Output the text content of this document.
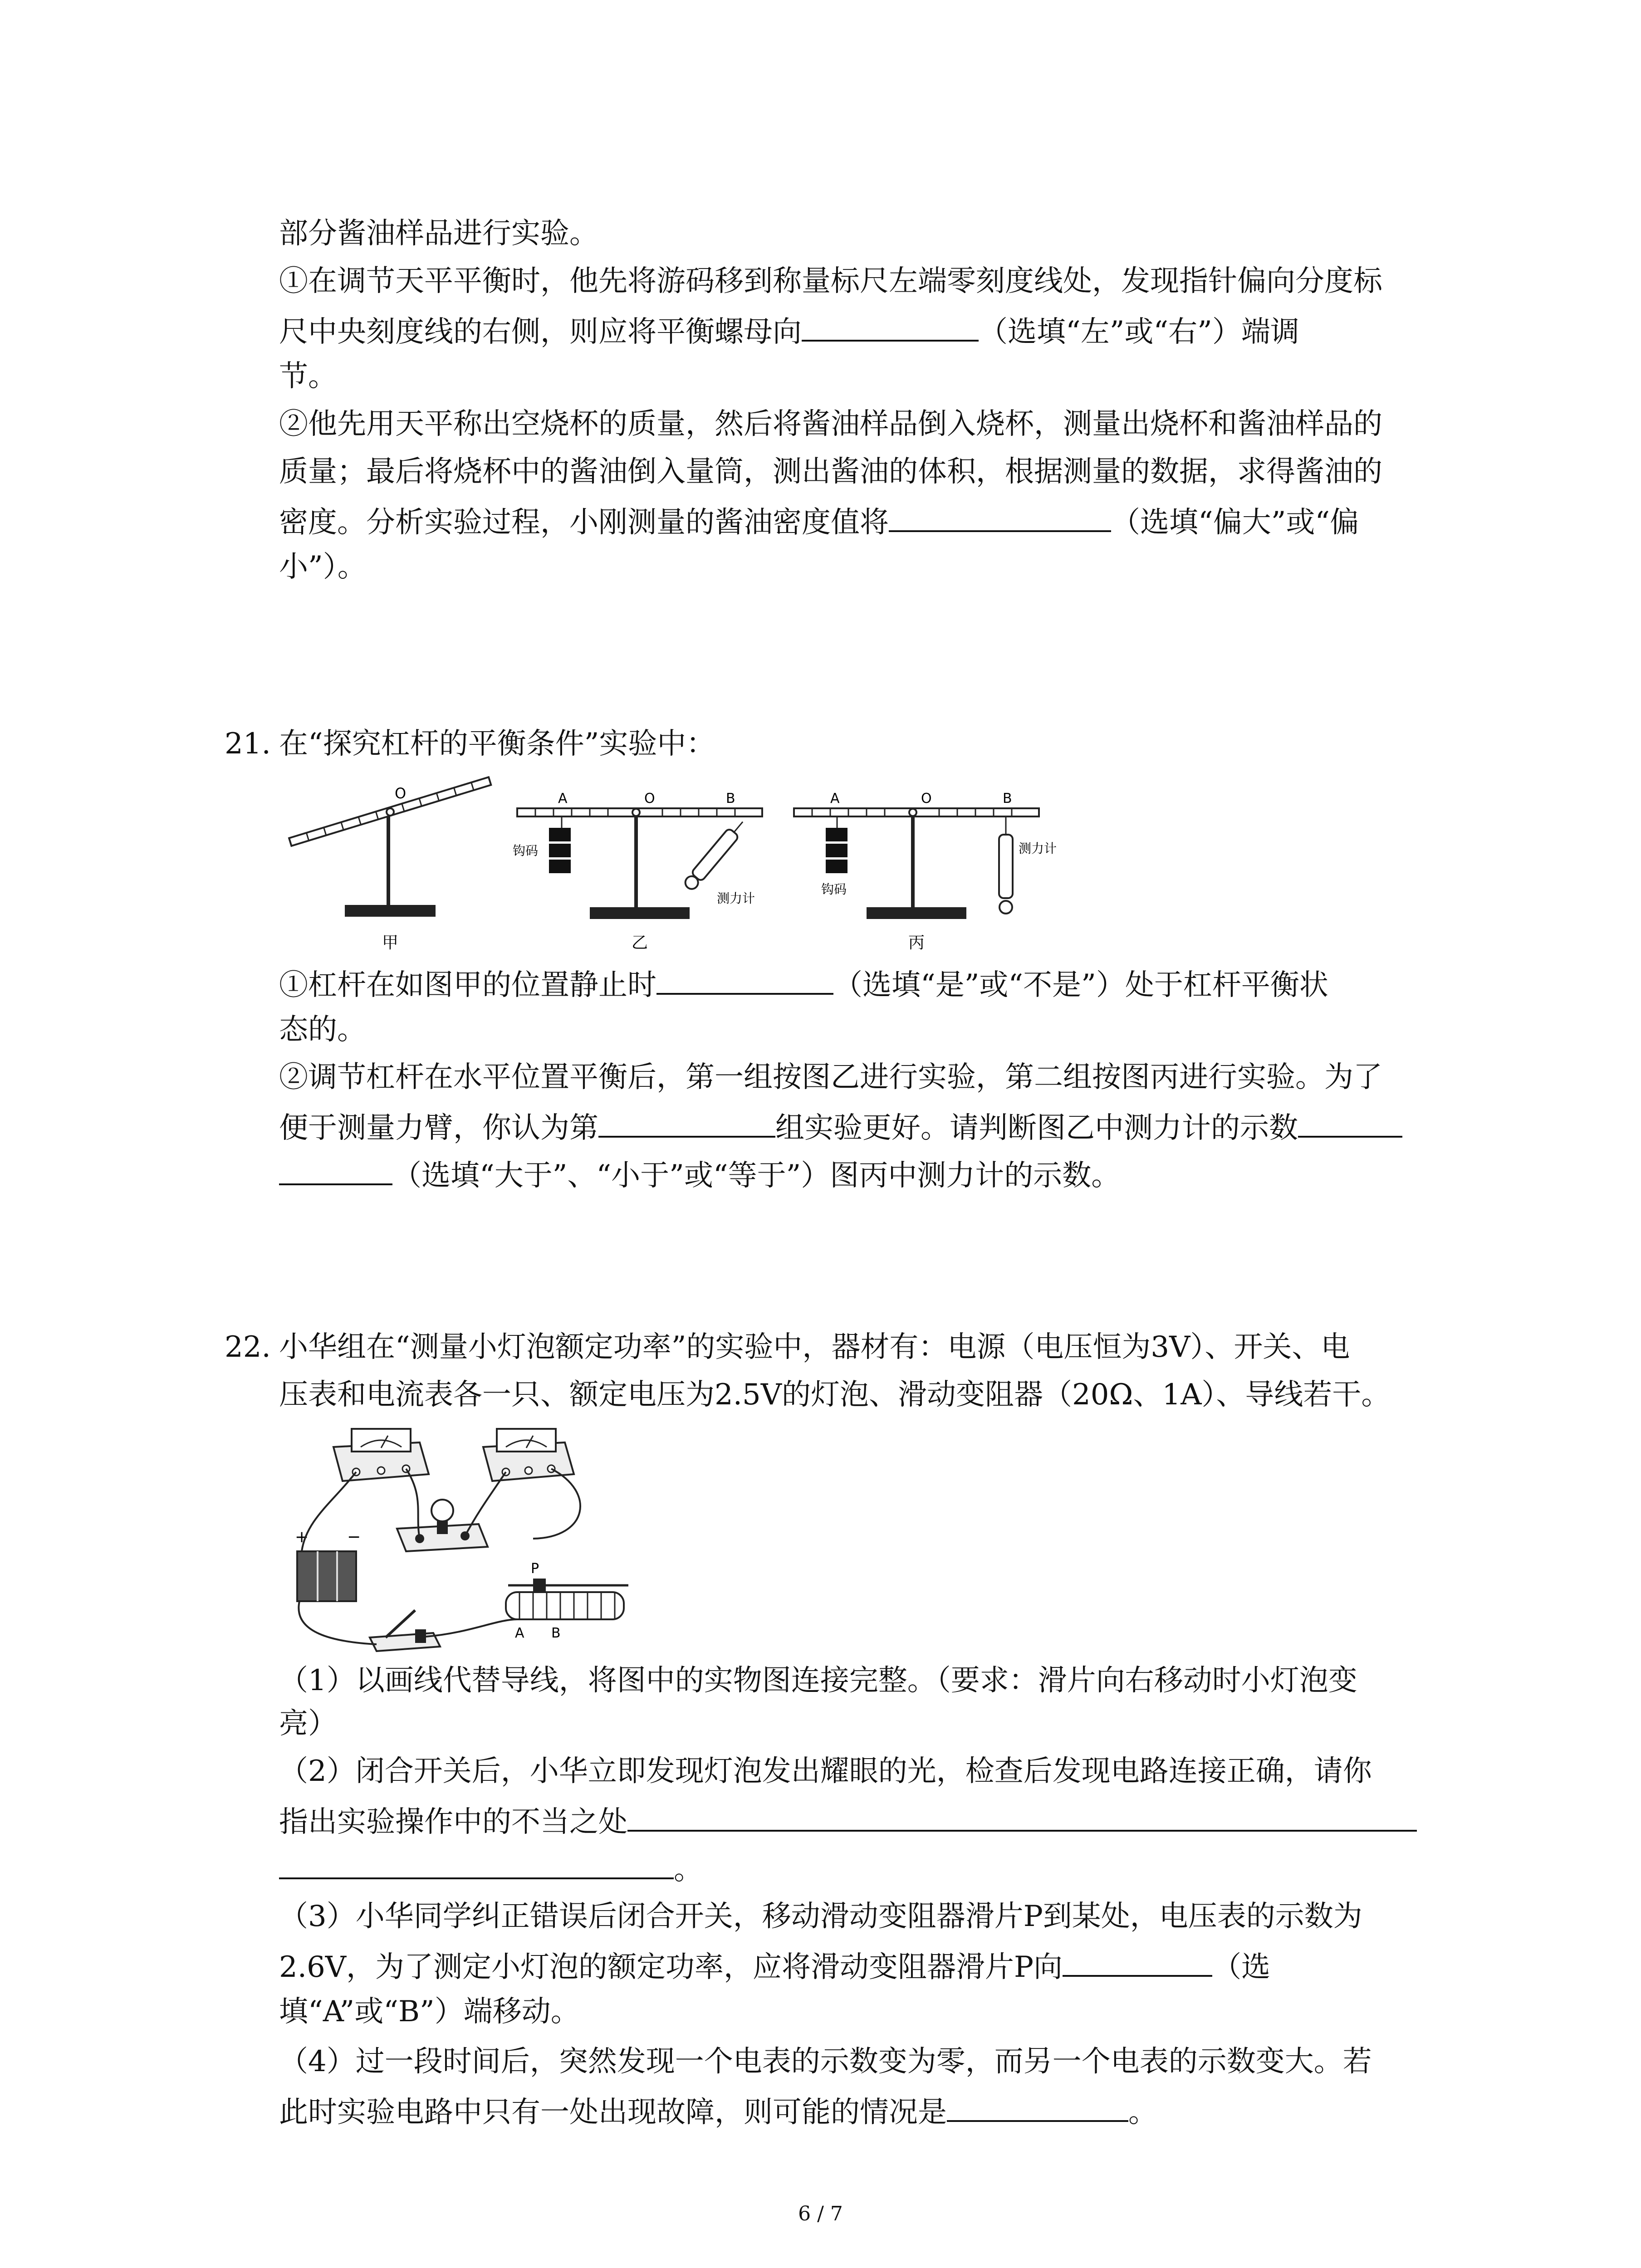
部分酱油样品进行实验。
①在调节天平平衡时，他先将游码移到称量标尺左端零刻度线处，发现指针偏向分度标
尺中央刻度线的右侧，则应将平衡螺母向	（选填“左”或“右”）端调
节。
②他先用天平称出空烧杯的质量，然后将酱油样品倒入烧杯，测量出烧杯和酱油样品的
质量；最后将烧杯中的酱油倒入量筒，测出酱油的体积，根据测量的数据，求得酱油的
密度。分析实验过程，小刚测量的酱油密度值将	（选填“偏大”或“偏
小”）。
21. 在“探究杠杆的平衡条件”实验中：
O
甲
A	O	B
钩码
测力计
乙
A	O	B
钩码
测力计
丙
①杠杆在如图甲的位置静止时	（选填“是”或“不是”）处于杠杆平衡状
态的。
②调节杠杆在水平位置平衡后，第一组按图乙进行实验，第二组按图丙进行实验。为了
便于测量力臂，你认为第	组实验更好。请判断图乙中测力计的示数
（选填“大于”、“小于”或“等于”）图丙中测力计的示数。
22. 小华组在“测量小灯泡额定功率”的实验中，器材有：电源（电压恒为3V）、开关、电
压表和电流表各一只、额定电压为2.5V的灯泡、滑动变阻器（20Ω、1A）、导线若干。
+ −
P
A B
（1）以画线代替导线，将图中的实物图连接完整。（要求：滑片向右移动时小灯泡变
亮）
（2）闭合开关后，小华立即发现灯泡发出耀眼的光，检查后发现电路连接正确，请你
指出实验操作中的不当之处
。
（3）小华同学纠正错误后闭合开关，移动滑动变阻器滑片P到某处，电压表的示数为
2.6V，为了测定小灯泡的额定功率，应将滑动变阻器滑片P向	（选
填“A”或“B”）端移动。
（4）过一段时间后，突然发现一个电表的示数变为零，而另一个电表的示数变大。若
此时实验电路中只有一处出现故障，则可能的情况是	。
6 / 7
